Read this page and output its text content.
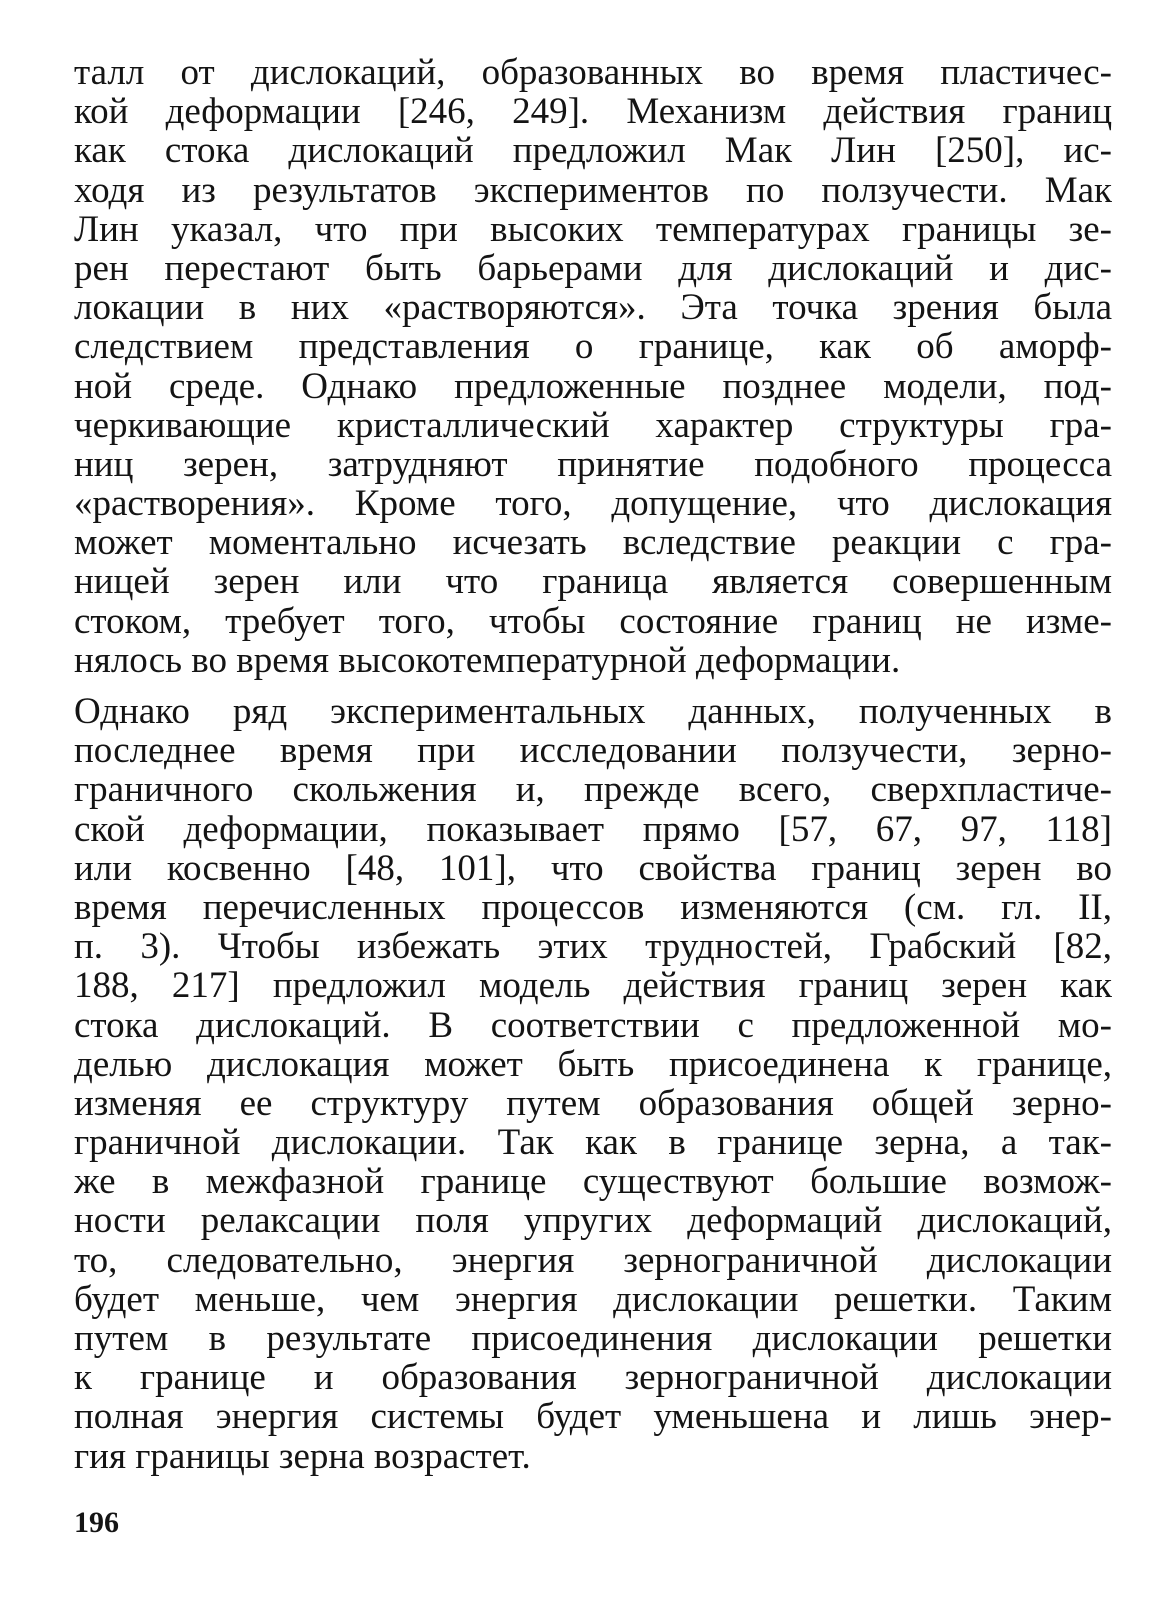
талл от дислокаций, образованных во время пластичес-
кой деформации [246, 249]. Механизм действия границ
как стока дислокаций предложил Мак Лин [250], ис-
ходя из результатов экспериментов по ползучести. Мак
Лин указал, что при высоких температурах границы зе-
рен перестают быть барьерами для дислокаций и дис-
локации в них «растворяются». Эта точка зрения была
следствием представления о границе, как об аморф-
ной среде. Однако предложенные позднее модели, под-
черкивающие кристаллический характер структуры гра-
ниц зерен, затрудняют принятие подобного процесса
«растворения». Кроме того, допущение, что дислокация
может моментально исчезать вследствие реакции с гра-
ницей зерен или что граница является совершенным
стоком, требует того, чтобы состояние границ не изме-
нялось во время высокотемпературной деформации.
Однако ряд экспериментальных данных, полученных в
последнее время при исследовании ползучести, зерно-
граничного скольжения и, прежде всего, сверхпластиче-
ской деформации, показывает прямо [57, 67, 97, 118]
или косвенно [48, 101], что свойства границ зерен во
время перечисленных процессов изменяются (см. гл. II,
п. 3). Чтобы избежать этих трудностей, Грабский [82,
188, 217] предложил модель действия границ зерен как
стока дислокаций. В соответствии с предложенной мо-
делью дислокация может быть присоединена к границе,
изменяя ее структуру путем образования общей зерно-
граничной дислокации. Так как в границе зерна, а так-
же в межфазной границе существуют большие возмож-
ности релаксации поля упругих деформаций дислокаций,
то, следовательно, энергия зернограничной дислокации
будет меньше, чем энергия дислокации решетки. Таким
путем в результате присоединения дислокации решетки
к границе и образования зернограничной дислокации
полная энергия системы будет уменьшена и лишь энер-
гия границы зерна возрастет.
196
